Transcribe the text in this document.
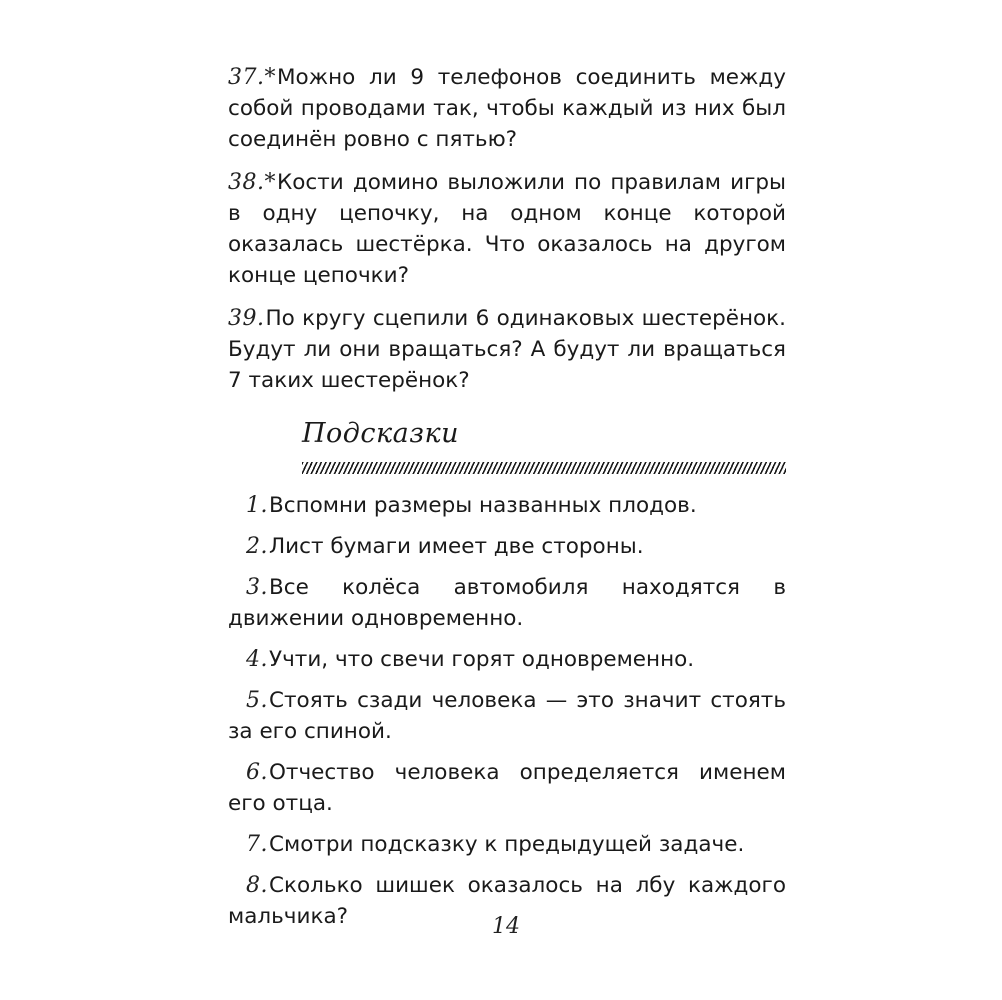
37.*Можно ли 9 телефонов соединить между собой проводами так, чтобы каждый из них был соединён ровно с пятью?

38.*Кости домино выложили по правилам игры в одну цепочку, на одном конце которой оказалась шестёрка. Что оказалось на другом конце цепочки?

39.По кругу сцепили 6 одинаковых шестерёнок. Будут ли они вращаться? А будут ли вращаться 7 таких шестерёнок?

Подсказки

1.Вспомни размеры названных плодов.

2.Лист бумаги имеет две стороны.

3.Все колёса автомобиля находятся в движении одновременно.

4.Учти, что свечи горят одновременно.

5.Стоять сзади человека — это значит стоять за его спиной.

6.Отчество человека определяется именем его отца.

7.Смотри подсказку к предыдущей задаче.

8.Сколько шишек оказалось на лбу каждого мальчика?	14
